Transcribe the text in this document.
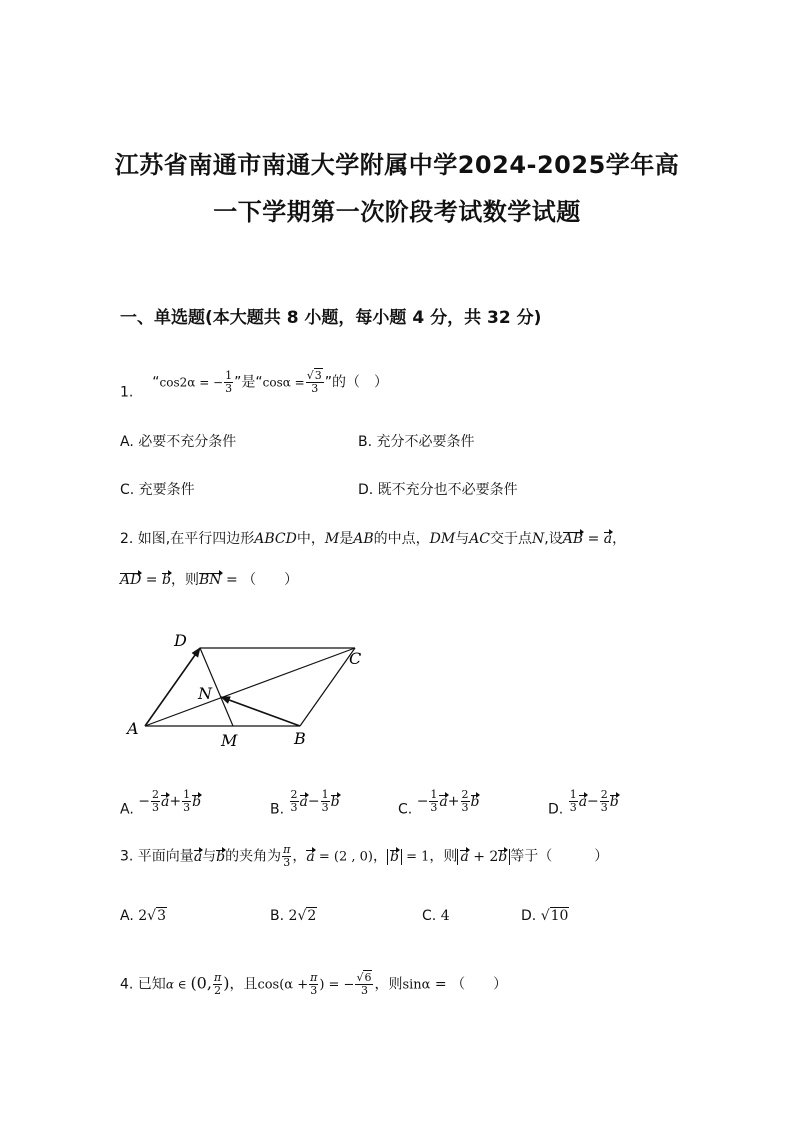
江苏省南通市南通大学附属中学2024-2025学年高
一下学期第一次阶段考试数学试题
一、单选题(本大题共 8 小题，每小题 4 分，共 32 分)
1.  “cos2α = − $\frac{1}{3}$ ”是“$\cos\alpha = \frac{√3}{3}$ ”的（　）
A. 必要不充分条件	B. 充分不必要条件
C. 充要条件	D. 既不充分也不必要条件
2. 如图,在平行四边形ABCD中，M是AB的中点，DM与AC交于点N,设AB = a，
AD = b，则BN = （　　）
A
B
C
D
M
N
A. − $\frac{2}{3} a+ \frac{1}{3}$ b	B. $\frac{2}{3} a- \frac{1}{3}$ b	C. − $\frac{1}{3} a+ \frac{2}{3}$ b	D. $\frac{1}{3} a- \frac{2}{3}$ b
3. 平面向量a与b的夹角为 $\frac{\pi}{3}$ ，a = (2 , 0)， b = 1，则 a + 2b 等于（　　　）
A. 2√3	B. 2√2	C. 4	D. √10
4. 已知α ∈ (0, $\frac{\pi}{2}$ )，且$\cos(\alpha + \frac{\pi}{3}$ ) = − $\frac{√6}{3}$ ，则sinα = （　　）
